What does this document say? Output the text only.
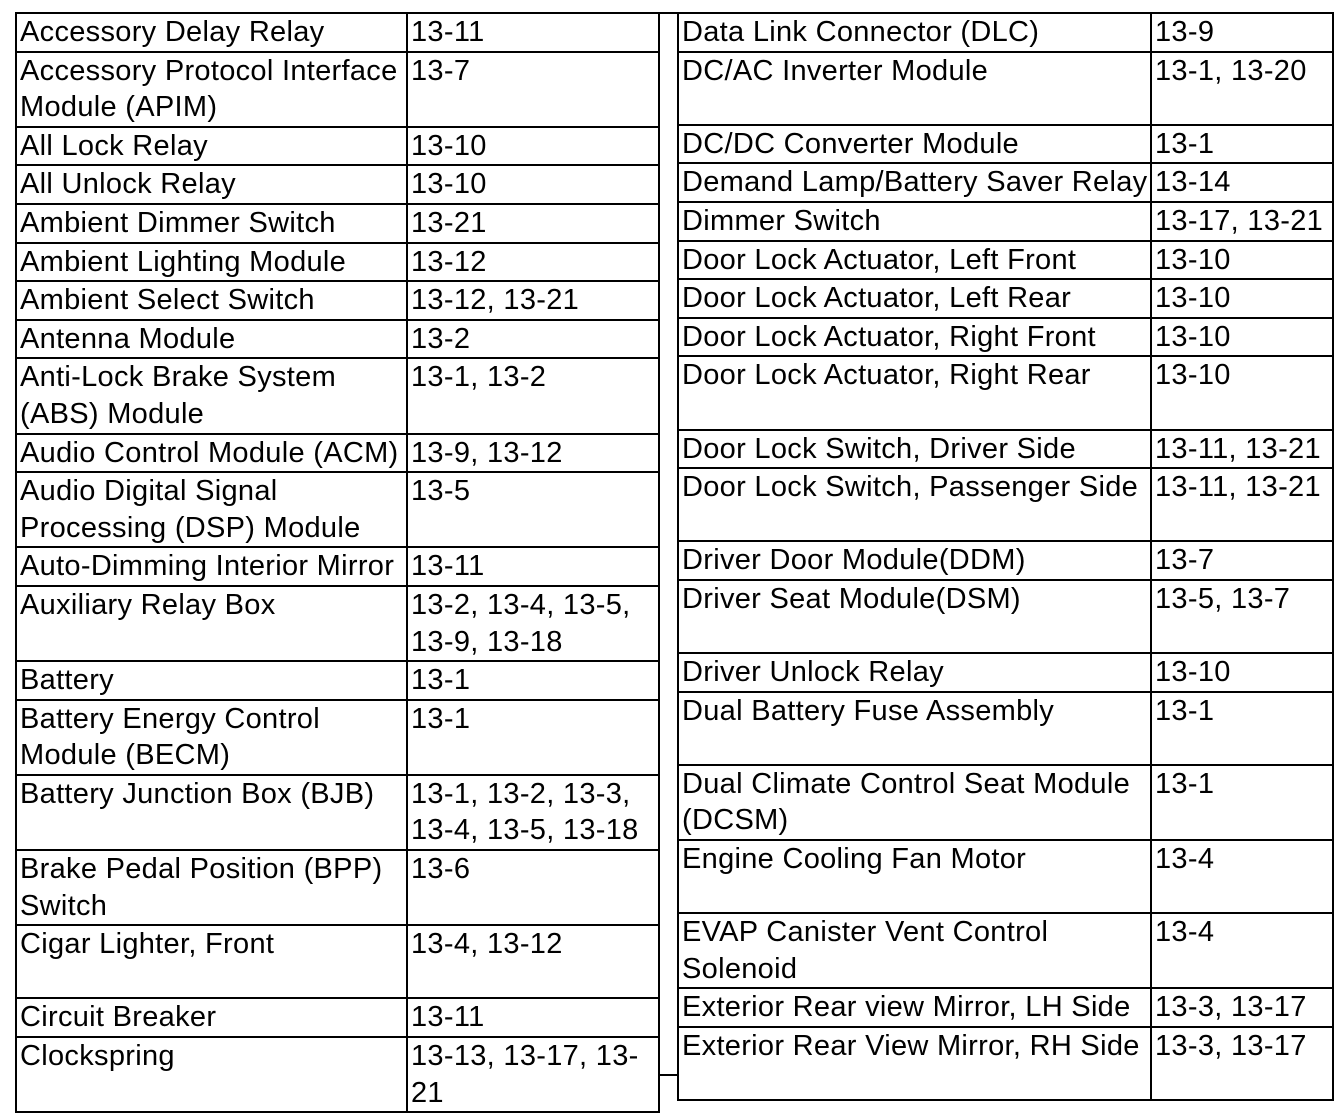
Accessory Delay Relay	13-11
Accessory Protocol Interface Module (APIM)	13-7
All Lock Relay	13-10
All Unlock Relay	13-10
Ambient Dimmer Switch	13-21
Ambient Lighting Module	13-12
Ambient Select Switch	13-12, 13-21
Antenna Module	13-2
Anti-Lock Brake System (ABS) Module	13-1, 13-2
Audio Control Module (ACM)	13-9, 13-12
Audio Digital Signal Processing (DSP) Module	13-5
Auto-Dimming Interior Mirror	13-11
Auxiliary Relay Box	13-2, 13-4, 13-5, 13-9, 13-18
Battery	13-1
Battery Energy Control Module (BECM)	13-1
Battery Junction Box (BJB)	13-1, 13-2, 13-3, 13-4, 13-5, 13-18
Brake Pedal Position (BPP) Switch	13-6
Cigar Lighter, Front	13-4, 13-12
Circuit Breaker	13-11
Clockspring	13-13, 13-17, 13-21
Data Link Connector (DLC)	13-9
DC/AC Inverter Module	13-1, 13-20
DC/DC Converter Module	13-1
Demand Lamp/Battery Saver Relay	13-14
Dimmer Switch	13-17, 13-21
Door Lock Actuator, Left Front	13-10
Door Lock Actuator, Left Rear	13-10
Door Lock Actuator, Right Front	13-10
Door Lock Actuator, Right Rear	13-10
Door Lock Switch, Driver Side	13-11, 13-21
Door Lock Switch, Passenger Side	13-11, 13-21
Driver Door Module(DDM)	13-7
Driver Seat Module(DSM)	13-5, 13-7
Driver Unlock Relay	13-10
Dual Battery Fuse Assembly	13-1
Dual Climate Control Seat Module (DCSM)	13-1
Engine Cooling Fan Motor	13-4
EVAP Canister Vent Control Solenoid	13-4
Exterior Rear view Mirror, LH Side	13-3, 13-17
Exterior Rear View Mirror, RH Side	13-3, 13-17
